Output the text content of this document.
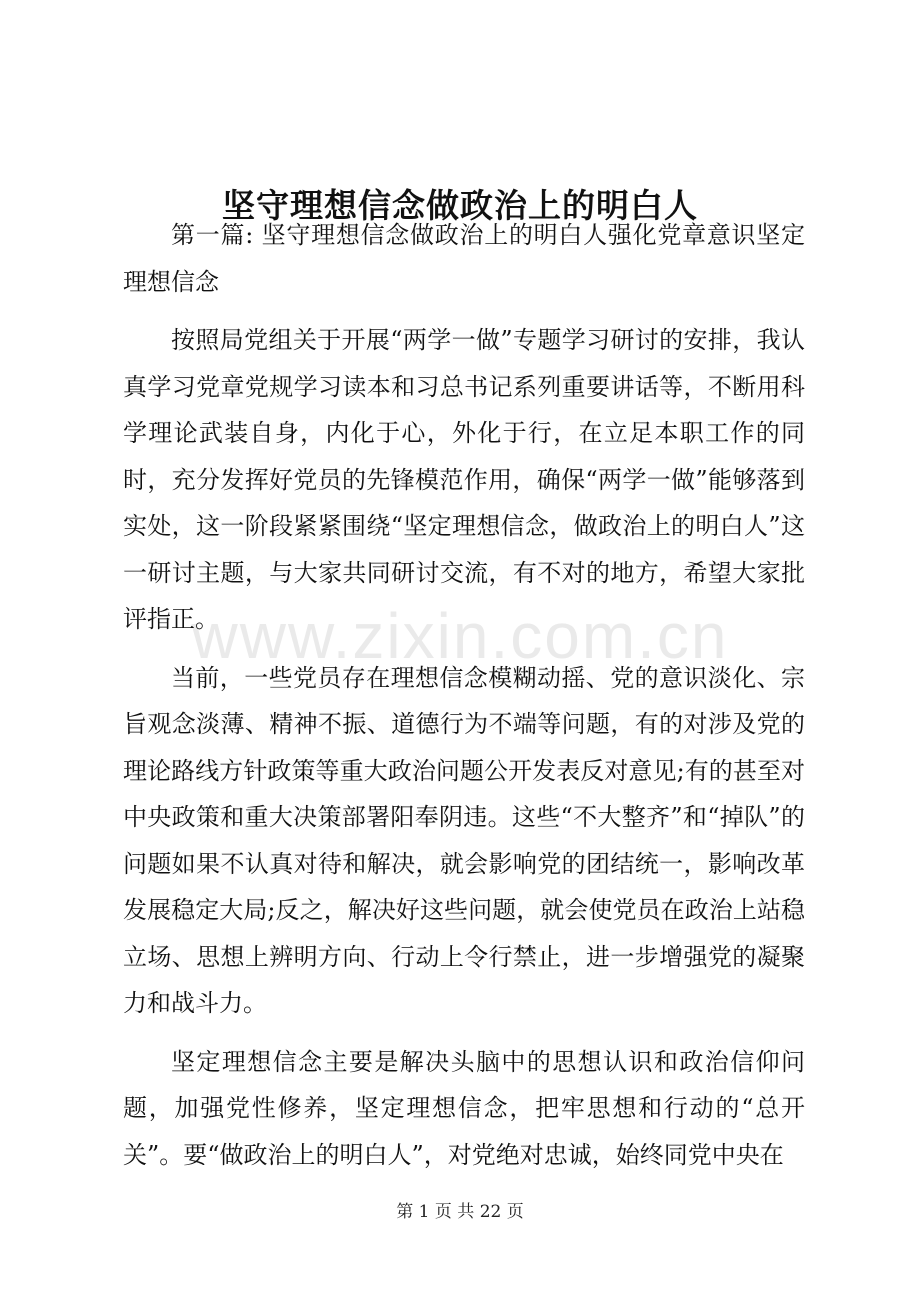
www.zixin.com.cn
坚守理想信念做政治上的明白人

第一篇: 坚守理想信念做政治上的明白人强化党章意识坚定理想信念

按照局党组关于开展“两学一做”专题学习研讨的安排，我认真学习党章党规学习读本和习总书记系列重要讲话等，不断用科学理论武装自身，内化于心，外化于行，在立足本职工作的同时，充分发挥好党员的先锋模范作用，确保“两学一做”能够落到实处，这一阶段紧紧围绕“坚定理想信念，做政治上的明白人”这一研讨主题，与大家共同研讨交流，有不对的地方，希望大家批评指正。

当前，一些党员存在理想信念模糊动摇、党的意识淡化、宗旨观念淡薄、精神不振、道德行为不端等问题，有的对涉及党的理论路线方针政策等重大政治问题公开发表反对意见;有的甚至对中央政策和重大决策部署阳奉阴违。这些“不大整齐”和“掉队”的问题如果不认真对待和解决，就会影响党的团结统一，影响改革发展稳定大局;反之，解决好这些问题，就会使党员在政治上站稳立场、思想上辨明方向、行动上令行禁止，进一步增强党的凝聚力和战斗力。

坚定理想信念主要是解决头脑中的思想认识和政治信仰问题，加强党性修养，坚定理想信念，把牢思想和行动的“总开关”。要“做政治上的明白人”，对党绝对忠诚，始终同党中央在

第 1 页 共 22 页
